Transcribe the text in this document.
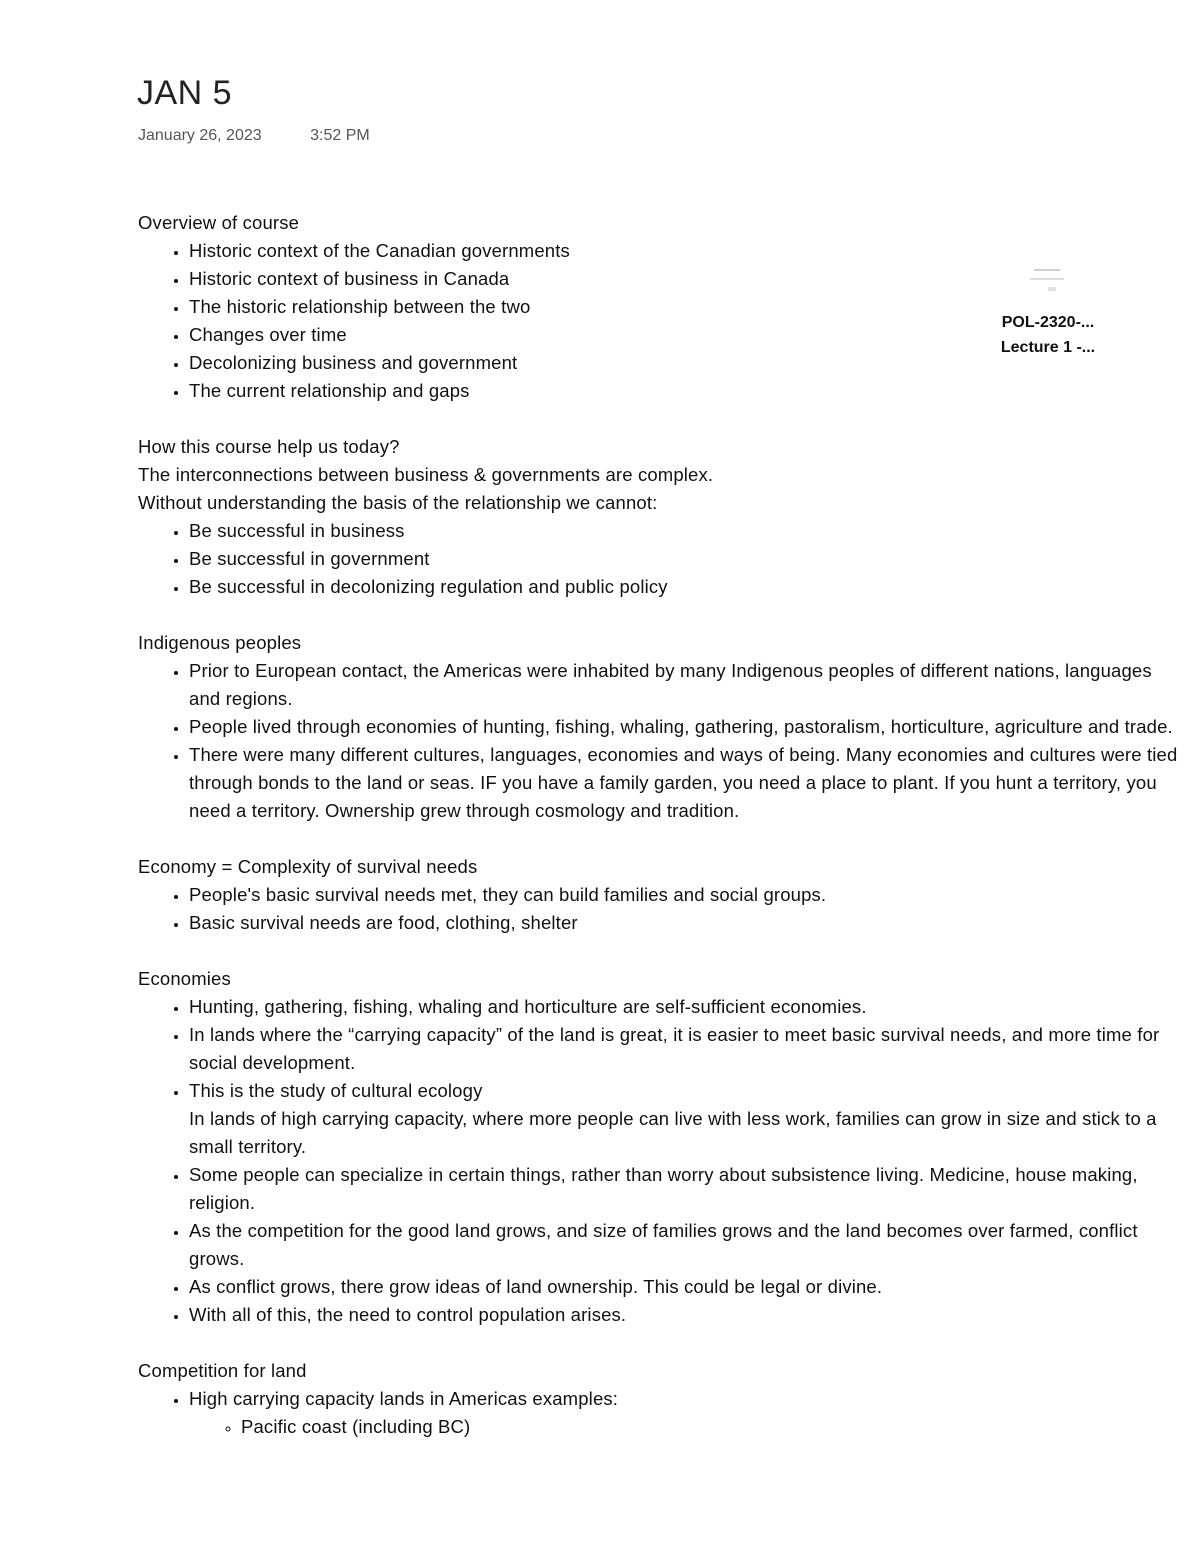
JAN 5
January 26, 2023	3:52 PM
POL-2320-...
Lecture 1 -...

Overview of course

• Historic context of the Canadian governments
• Historic context of business in Canada
• The historic relationship between the two
• Changes over time
• Decolonizing business and government
• The current relationship and gaps

How this course help us today?

The interconnections between business & governments are complex.

Without understanding the basis of the relationship we cannot:

• Be successful in business
• Be successful in government
• Be successful in decolonizing regulation and public policy

Indigenous peoples

• Prior to European contact, the Americas were inhabited by many Indigenous peoples of different nations, languages and regions.
• People lived through economies of hunting, fishing, whaling, gathering, pastoralism, horticulture, agriculture and trade.
• There were many different cultures, languages, economies and ways of being. Many economies and cultures were tied through bonds to the land or seas. IF you have a family garden, you need a place to plant. If you hunt a territory, you need a territory. Ownership grew through cosmology and tradition.

Economy = Complexity of survival needs

• People's basic survival needs met, they can build families and social groups.
• Basic survival needs are food, clothing, shelter

Economies

• Hunting, gathering, fishing, whaling and horticulture are self-sufficient economies.
• In lands where the “carrying capacity” of the land is great, it is easier to meet basic survival needs, and more time for social development.
• This is the study of cultural ecology
In lands of high carrying capacity, where more people can live with less work, families can grow in size and stick to a small territory.
• Some people can specialize in certain things, rather than worry about subsistence living. Medicine, house making, religion.
• As the competition for the good land grows, and size of families grows and the land becomes over farmed, conflict grows.
• As conflict grows, there grow ideas of land ownership. This could be legal or divine.
• With all of this, the need to control population arises.

Competition for land

• High carrying capacity lands in Americas examples:
◦ Pacific coast (including BC)
